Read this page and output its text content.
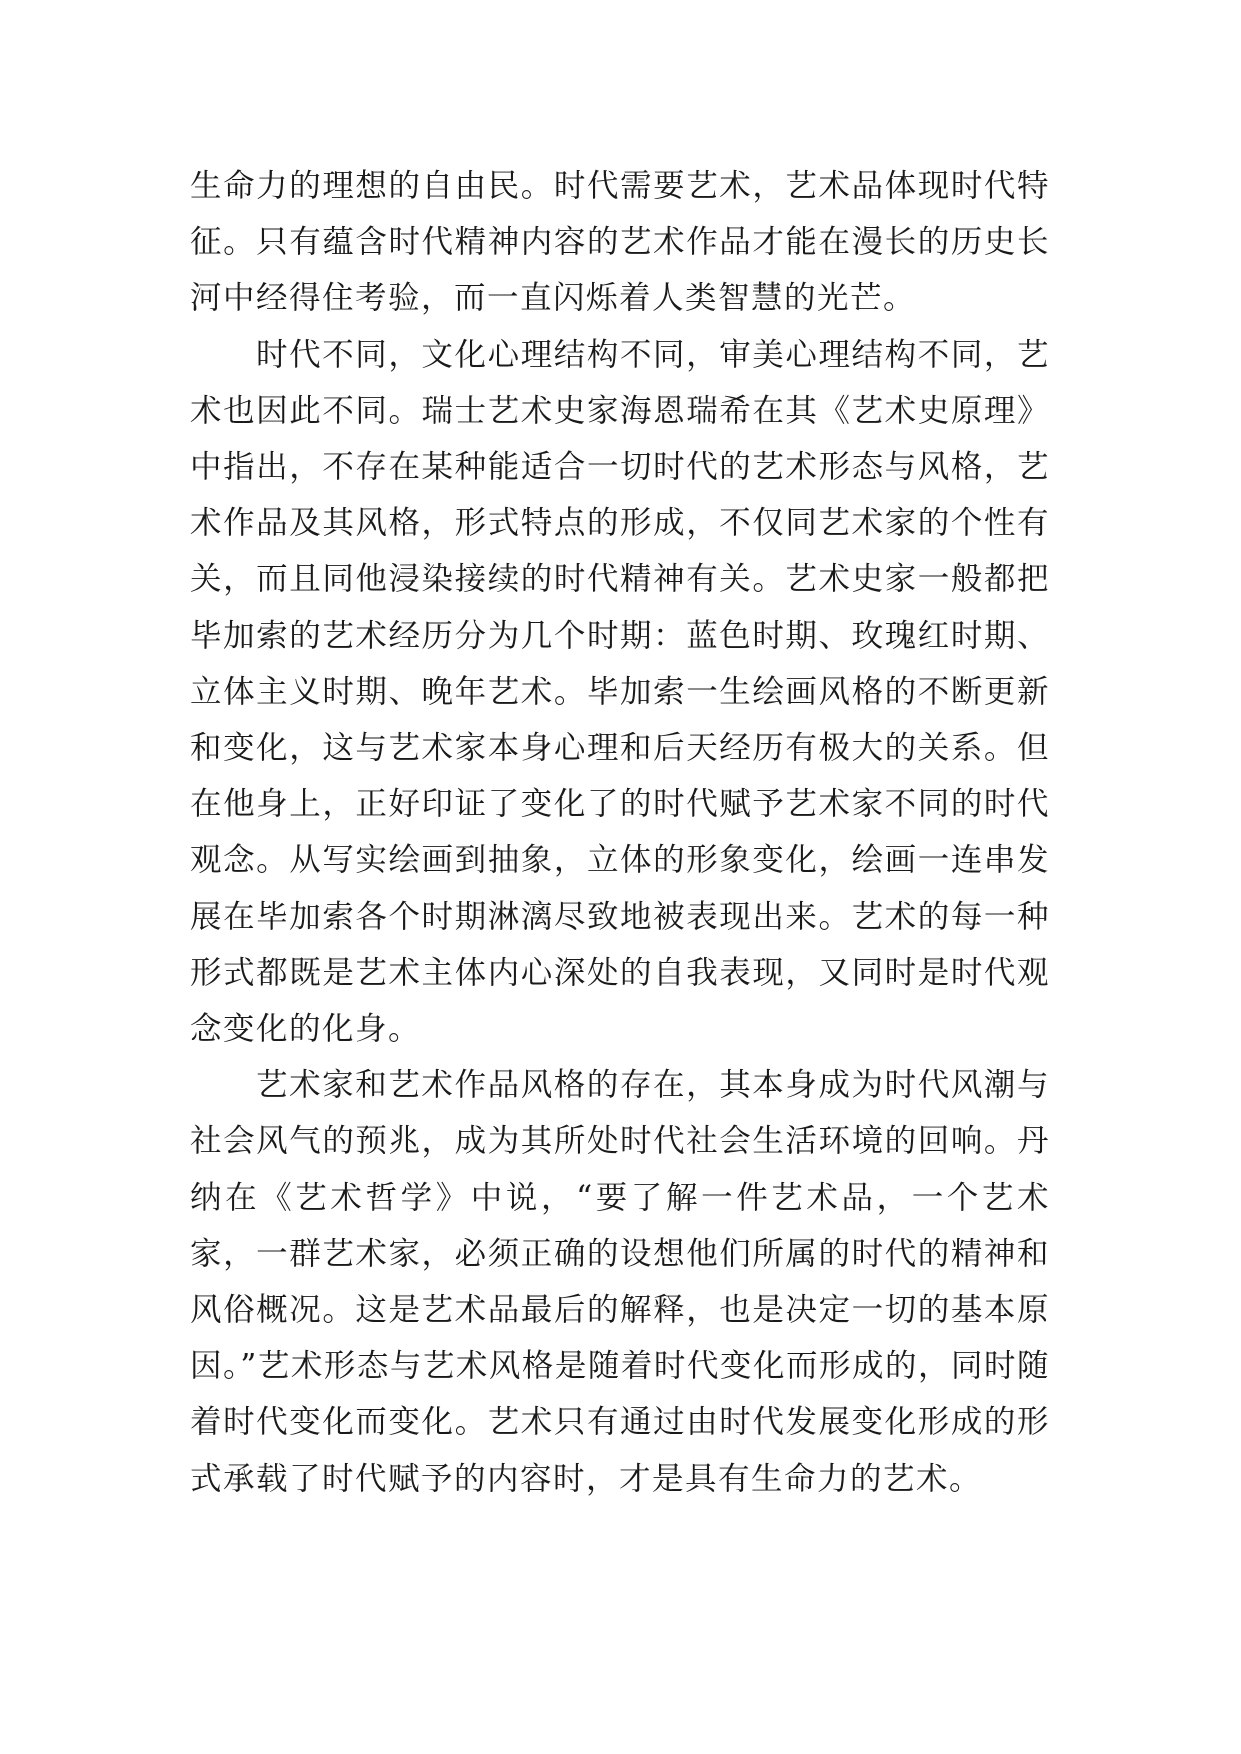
生命力的理想的自由民。时代需要艺术，艺术品体现时代特征。只有蕴含时代精神内容的艺术作品才能在漫长的历史长河中经得住考验，而一直闪烁着人类智慧的光芒。

时代不同，文化心理结构不同，审美心理结构不同，艺术也因此不同。瑞士艺术史家海恩瑞希在其《艺术史原理》中指出，不存在某种能适合一切时代的艺术形态与风格，艺术作品及其风格，形式特点的形成，不仅同艺术家的个性有关，而且同他浸染接续的时代精神有关。艺术史家一般都把毕加索的艺术经历分为几个时期：蓝色时期、玫瑰红时期、立体主义时期、晚年艺术。毕加索一生绘画风格的不断更新和变化，这与艺术家本身心理和后天经历有极大的关系。但在他身上，正好印证了变化了的时代赋予艺术家不同的时代观念。从写实绘画到抽象，立体的形象变化，绘画一连串发展在毕加索各个时期淋漓尽致地被表现出来。艺术的每一种形式都既是艺术主体内心深处的自我表现，又同时是时代观念变化的化身。

艺术家和艺术作品风格的存在，其本身成为时代风潮与社会风气的预兆，成为其所处时代社会生活环境的回响。丹纳在《艺术哲学》中说，“要了解一件艺术品，一个艺术家，一群艺术家，必须正确的设想他们所属的时代的精神和风俗概况。这是艺术品最后的解释，也是决定一切的基本原因。”艺术形态与艺术风格是随着时代变化而形成的，同时随着时代变化而变化。艺术只有通过由时代发展变化形成的形式承载了时代赋予的内容时，才是具有生命力的艺术。
